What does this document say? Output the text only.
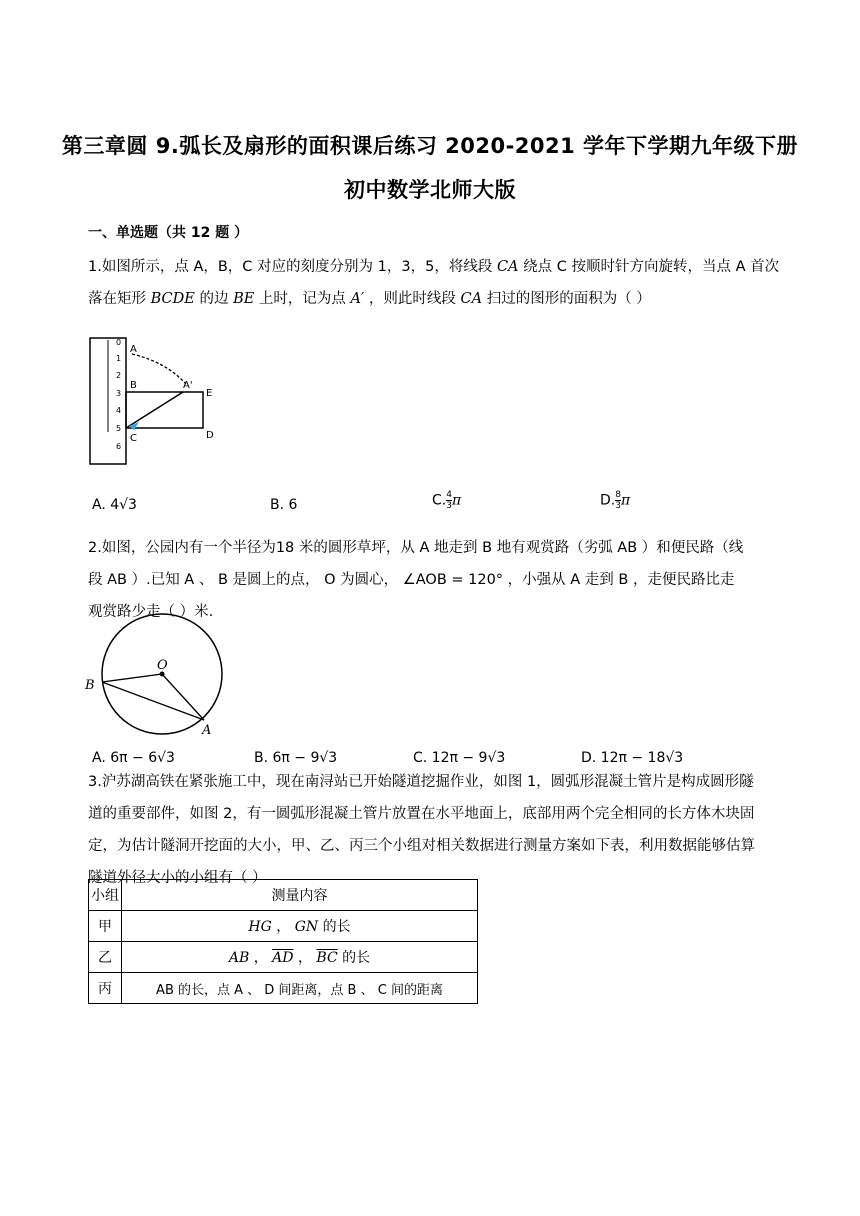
第三章圆 9.弧长及扇形的面积课后练习 2020-2021 学年下学期九年级下册
初中数学北师大版
一、单选题（共 12 题 ）
1.如图所示，点 A，B，C 对应的刻度分别为 1，3，5，将线段 CA 绕点 C 按顺时针方向旋转，当点 A 首次
落在矩形 BCDE 的边 BE 上时，记为点 A′ ，则此时线段 CA 扫过的图形的面积为（ ）
0
1
2
3
4
5
6
A
B
C
A'
E
D
A. 4√3	B. 6	C. $\frac{4}{3}$ π	D. $\frac{8}{3}$ π
2.如图，公园内有一个半径为18 米的圆形草坪，从 A 地走到 B 地有观赏路（劣弧 AB ）和便民路（线
段 AB ）.已知 A 、 B 是圆上的点， O 为圆心， ∠AOB = 120° ，小强从 A 走到 B ，走便民路比走
观赏路少走（ ）米.
O
B
A
A. 6π − 6√3	B. 6π − 9√3	C. 12π − 9√3	D. 12π − 18√3
3.沪苏湖高铁在紧张施工中，现在南浔站已开始隧道挖掘作业，如图 1，圆弧形混凝土管片是构成圆形隧
道的重要部件，如图 2，有一圆弧形混凝土管片放置在水平地面上，底部用两个完全相同的长方体木块固
定，为估计隧洞开挖面的大小，甲、乙、丙三个小组对相关数据进行测量方案如下表，利用数据能够估算
隧道外径大小的小组有（ ）
小组	测量内容
甲	HG ， GN 的长
乙	AB ， $\overline{AD}$ ， $\overline{BC}$ 的长
丙	AB 的长，点 A 、 D 间距离，点 B 、 C 间的距离
